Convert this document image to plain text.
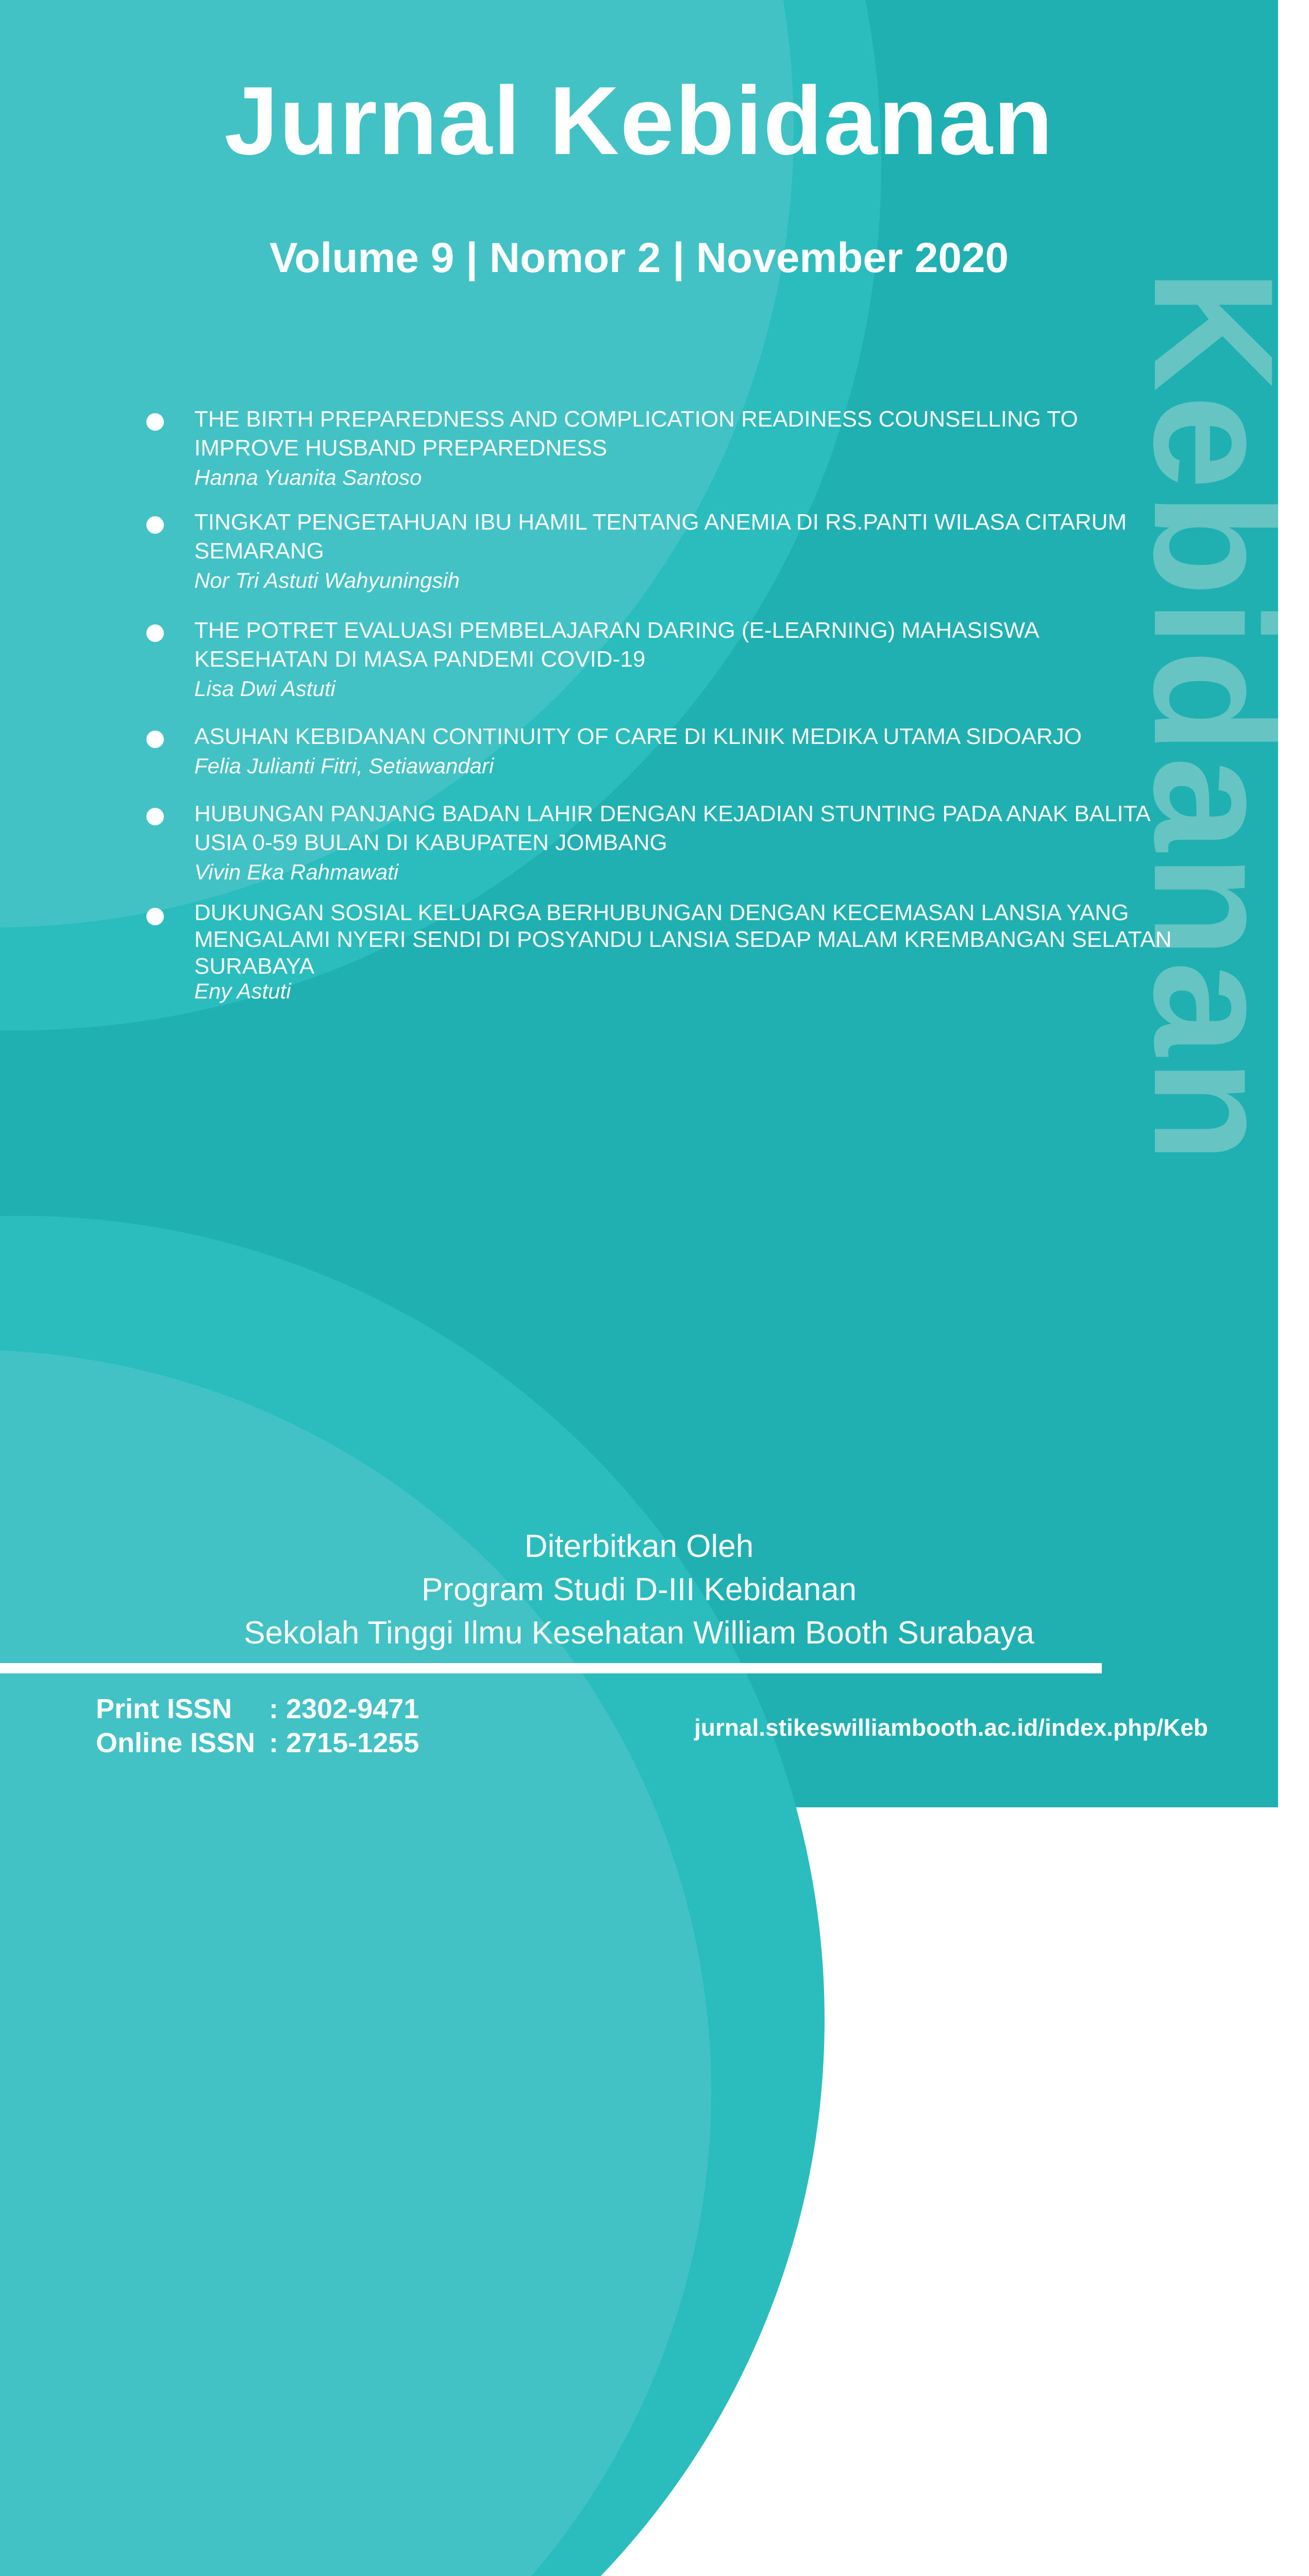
Jurnal Kebidanan
Volume 9 | Nomor 2 | November 2020
Kebidanan
THE BIRTH PREPAREDNESS AND COMPLICATION READINESS COUNSELLING TO IMPROVE HUSBAND PREPAREDNESS
Hanna Yuanita Santoso
TINGKAT PENGETAHUAN IBU HAMIL TENTANG ANEMIA DI RS.PANTI WILASA CITARUM SEMARANG
Nor Tri Astuti Wahyuningsih
THE POTRET EVALUASI PEMBELAJARAN DARING (E-LEARNING) MAHASISWA KESEHATAN DI MASA PANDEMI COVID-19
Lisa Dwi Astuti
ASUHAN KEBIDANAN CONTINUITY OF CARE DI KLINIK MEDIKA UTAMA SIDOARJO
Felia Julianti Fitri, Setiawandari
HUBUNGAN PANJANG BADAN LAHIR DENGAN KEJADIAN STUNTING PADA ANAK BALITA USIA 0-59 BULAN DI KABUPATEN JOMBANG
Vivin Eka Rahmawati
DUKUNGAN SOSIAL KELUARGA BERHUBUNGAN DENGAN KECEMASAN LANSIA YANG MENGALAMI NYERI SENDI DI POSYANDU LANSIA SEDAP MALAM KREMBANGAN SELATAN SURABAYA
Eny Astuti
Diterbitkan Oleh
Program Studi D-III Kebidanan
Sekolah Tinggi Ilmu Kesehatan William Booth Surabaya
Print ISSN : 2302-9471
Online ISSN : 2715-1255	jurnal.stikeswilliambooth.ac.id/index.php/Keb
